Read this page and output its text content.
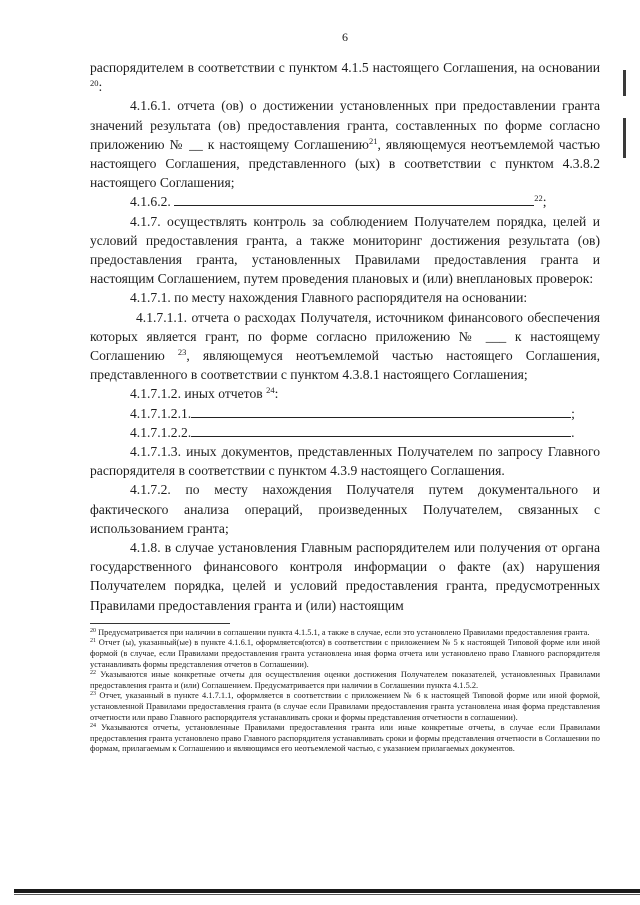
6

распорядителем в соответствии с пунктом 4.1.5 настоящего Соглашения, на основании $^{20}$:

4.1.6.1. отчета (ов) о достижении установленных при предоставлении гранта значений результата (ов) предоставления гранта, составленных по форме согласно приложению № __ к настоящему Соглашению$^{21}$, являющемуся неотъемлемой частью настоящего Соглашения, представленного (ых) в соответствии с пунктом 4.3.8.2 настоящего Соглашения;

4.1.6.2.	$^{22}$;

4.1.7. осуществлять контроль за соблюдением Получателем порядка, целей и условий предоставления гранта, а также мониторинг достижения результата (ов) предоставления гранта, установленных Правилами предоставления гранта и настоящим Соглашением, путем проведения плановых и (или) внеплановых проверок:

4.1.7.1. по месту нахождения Главного распорядителя на основании:

4.1.7.1.1. отчета о расходах Получателя, источником финансового обеспечения которых является грант, по форме согласно приложению № ___ к настоящему Соглашению $^{23}$, являющемуся неотъемлемой частью настоящего Соглашения, представленного в соответствии с пунктом 4.3.8.1 настоящего Соглашения;

4.1.7.1.2. иных отчетов $^{24}$:

4.1.7.1.2.1.	;

4.1.7.1.2.2.	.

4.1.7.1.3. иных документов, представленных Получателем по запросу Главного распорядителя в соответствии с пунктом 4.3.9 настоящего Соглашения.

4.1.7.2. по месту нахождения Получателя путем документального и фактического анализа операций, произведенных Получателем, связанных с использованием гранта;

4.1.8. в случае установления Главным распорядителем или получения от органа государственного финансового контроля информации о факте (ах) нарушения Получателем порядка, целей и условий предоставления гранта, предусмотренных Правилами предоставления гранта и (или) настоящим

$^{20}$ Предусматривается при наличии в соглашении пункта 4.1.5.1, а также в случае, если это установлено Правилами предоставления гранта.

$^{21}$ Отчет (ы), указанный(ые) в пункте 4.1.6.1, оформляется(ются) в соответствии с приложением № 5 к настоящей Типовой форме или иной формой (в случае, если Правилами предоставления гранта установлена иная форма отчета или установлено право Главного распорядителя устанавливать формы представления отчетов в Соглашении).

$^{22}$ Указываются иные конкретные отчеты для осуществления оценки достижения Получателем показателей, установленных Правилами предоставления гранта и (или) Соглашением. Предусматривается при наличии в Соглашении пункта 4.1.5.2.

$^{23}$ Отчет, указанный в пункте 4.1.7.1.1, оформляется в соответствии с приложением № 6 к настоящей Типовой форме или иной формой, установленной Правилами предоставления гранта (в случае если Правилами предоставления гранта установлена иная форма представления отчетности или право Главного распорядителя устанавливать сроки и формы представления отчетности в соглашении).

$^{24}$ Указываются отчеты, установленные Правилами предоставления гранта или иные конкретные отчеты, в случае если Правилами предоставления гранта установлено право Главного распорядителя устанавливать сроки и формы представления отчетности в Соглашении по формам, прилагаемым к Соглашению и являющимся его неотъемлемой частью, с указанием прилагаемых документов.
